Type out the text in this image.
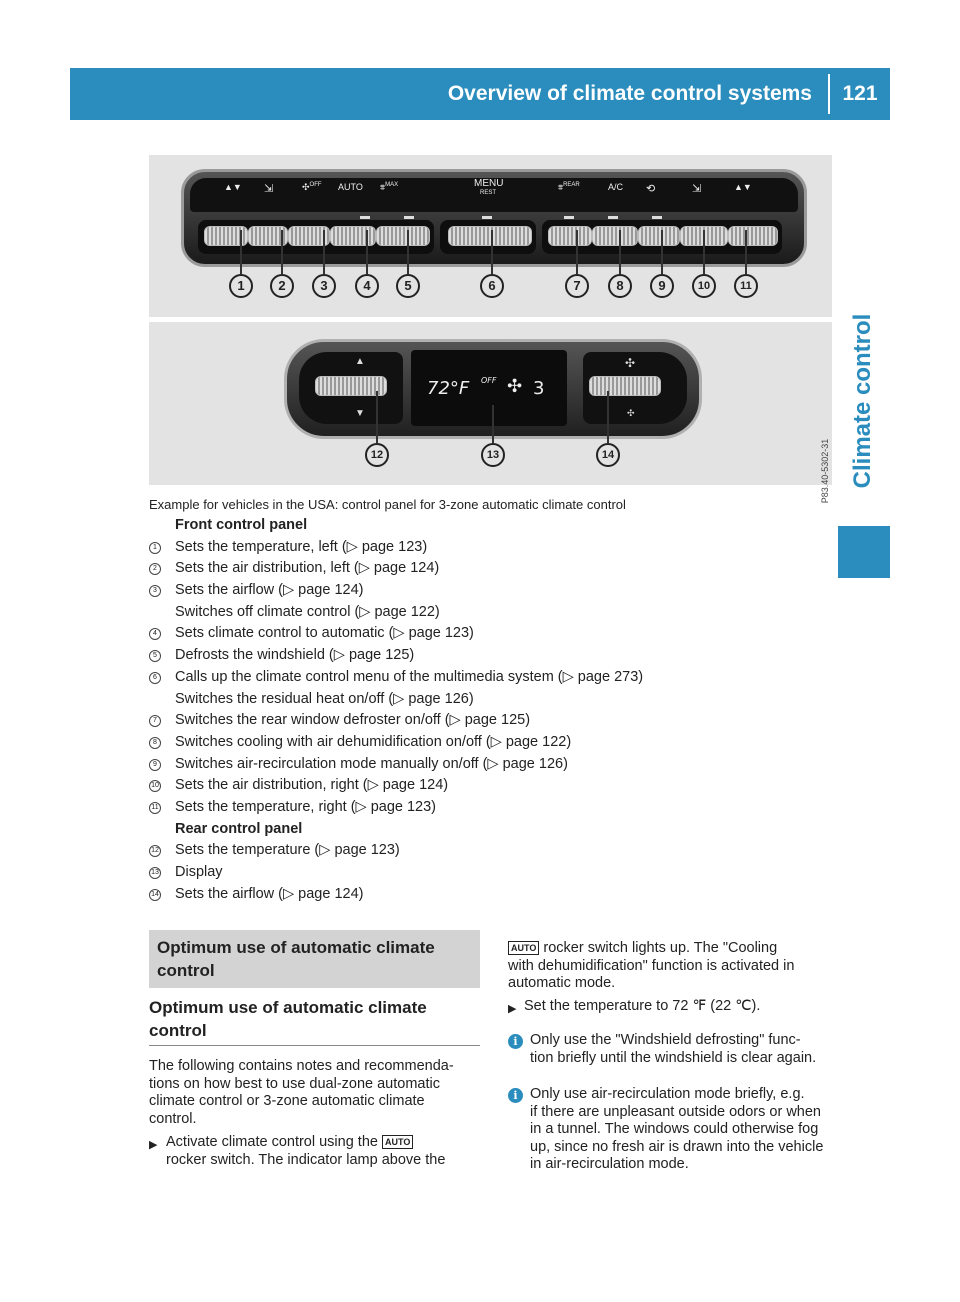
Overview of climate control systems	121
Climate control
▲▼ ⇲	✣$^{OFF}$ AUTO ⩨$^{MAX}$	MENU
REST
⩨$^{REAR}$	A/C ⟲	⇲	▲▼
1	2	3	4	5	6	7	8	9	10	11
▲
▼
72°F OFF ✣ 3
✣
✣
12	13	14	P83.40-5302-31
Example for vehicles in the USA: control panel for 3-zone automatic climate control
Front control panel
1 Sets the temperature, left (▷ page 123)
2 Sets the air distribution, left (▷ page 124)
3 Sets the airflow (▷ page 124)
Switches off climate control (▷ page 122)
4 Sets climate control to automatic (▷ page 123)
5 Defrosts the windshield (▷ page 125)
6 Calls up the climate control menu of the multimedia system (▷ page 273)
Switches the residual heat on/off (▷ page 126)
7 Switches the rear window defroster on/off (▷ page 125)
8 Switches cooling with air dehumidification on/off (▷ page 122)
9 Switches air-recirculation mode manually on/off (▷ page 126)
10 Sets the air distribution, right (▷ page 124)
11 Sets the temperature, right (▷ page 123)
Rear control panel
12 Sets the temperature (▷ page 123)
13 Display
14 Sets the airflow (▷ page 124)
Optimum use of automatic climate control
Optimum use of automatic climate control
The following contains notes and recommenda-
tions on how best to use dual-zone automatic
climate control or 3-zone automatic climate
control.
▶ Activate climate control using the AUTO
rocker switch. The indicator lamp above the
AUTO rocker switch lights up. The "Cooling
with dehumidification" function is activated in
automatic mode.
▶ Set the temperature to 72 ℉ (22 ℃).
i Only use the "Windshield defrosting" func-
tion briefly until the windshield is clear again.
i Only use air-recirculation mode briefly, e.g.
if there are unpleasant outside odors or when
in a tunnel. The windows could otherwise fog
up, since no fresh air is drawn into the vehicle
in air-recirculation mode.
